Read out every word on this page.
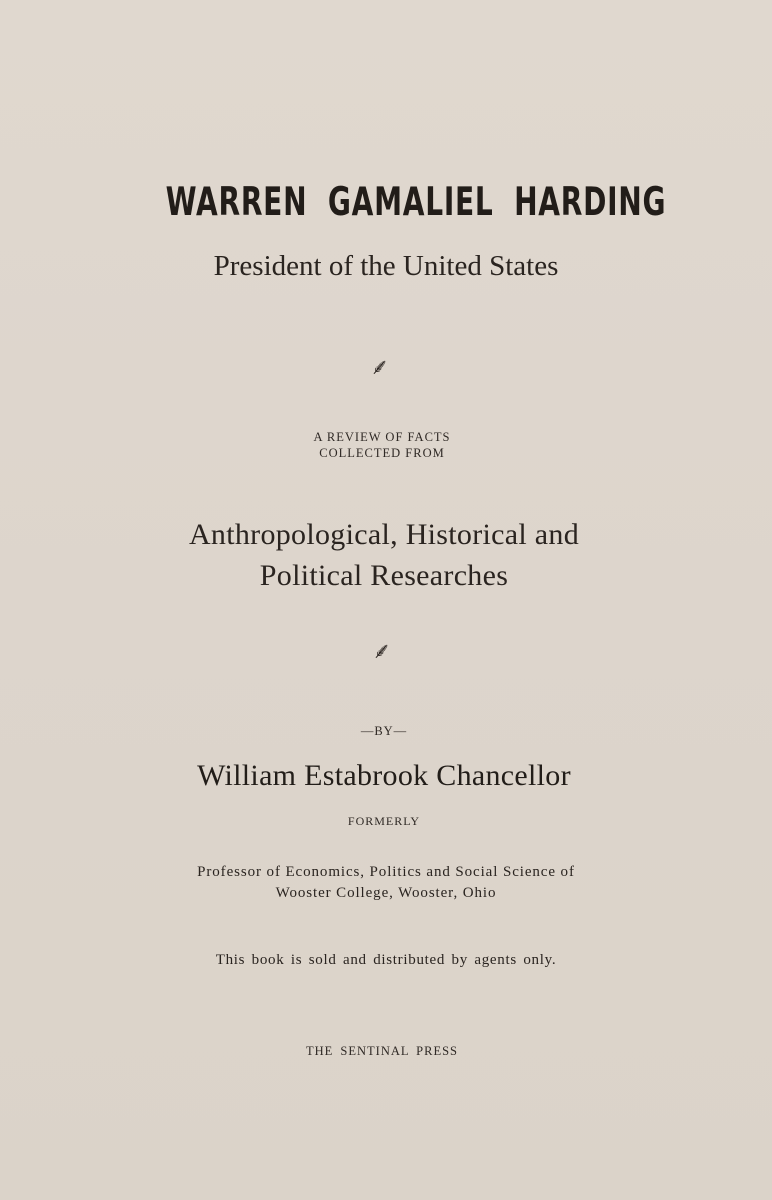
WARREN GAMALIEL HARDING
President of the United States
⸙
A REVIEW OF FACTS
COLLECTED FROM
Anthropological, Historical and
Political Researches
⸙
—BY—
William Estabrook Chancellor
FORMERLY
Professor of Economics, Politics and Social Science of
Wooster College, Wooster, Ohio
This book is sold and distributed by agents only.
THE SENTINAL PRESS
